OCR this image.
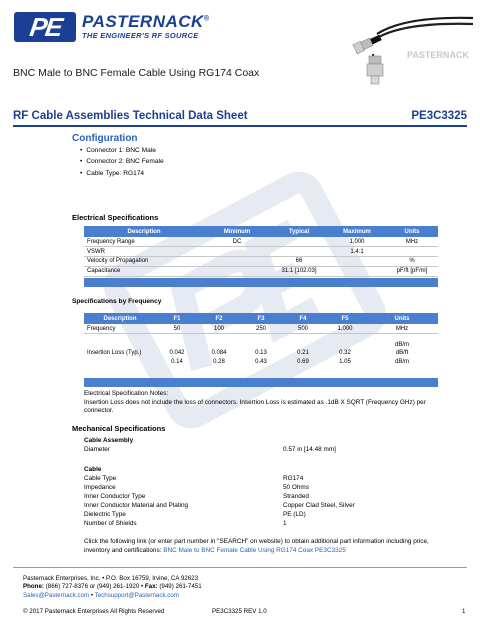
PE	PASTERNACK®
THE ENGINEER'S RF SOURCE
PASTERNACK
BNC Male to BNC Female Cable Using RG174 Coax
RF Cable Assemblies Technical Data Sheet	PE3C3325
Configuration
• Connector 1: BNC Male
• Connector 2: BNC Female
• Cable Type: RG174
Electrical Specifications
Description	Minimum	Typical	Maximum	Units
Frequency Range	DC		1,000	MHz
VSWR			1.4:1	
Velocity of Propagation		66		%
Capacitance		31.1 [102.03]		pF/ft [pF/m]
Specifications by Frequency
Description	F1	F2	F3	F4	F5	Units
Frequency	50	100	250	500	1,000	MHz
						dB/m
Insertion Loss (Typ.)	0.042	0.084	0.13	0.21	0.32	dB/ft
	0.14	0.28	0.43	0.69	1.05	dB/m
Electrical Specification Notes:
Insertion Loss does not include the loss of connectors. Insertion Loss is estimated as .1dB X SQRT (Frequency GHz) per connector.
Mechanical Specifications
Cable Assembly
Diameter	0.57 in [14.48 mm]
Cable
Cable Type	RG174
Impedance	50 Ohms
Inner Conductor Type	Stranded
Inner Conductor Material and Plating	Copper Clad Steel, Silver
Dielectric Type	PE (LD)
Number of Shields	1
Click the following link (or enter part number in "SEARCH" on website) to obtain additional part information including price, inventory and certifications: BNC Male to BNC Female Cable Using RG174 Coax PE3C3325
Pasternack Enterprises, Inc. • P.O. Box 16759, Irvine, CA 92623
Phone: (866) 727-8376 or (949) 261-1920 • Fax: (949) 261-7451
Sales@Pasternack.com • Techsupport@Pasternack.com
© 2017 Pasternack Enterprises All Rights Reserved	PE3C3325 REV 1.0	1
